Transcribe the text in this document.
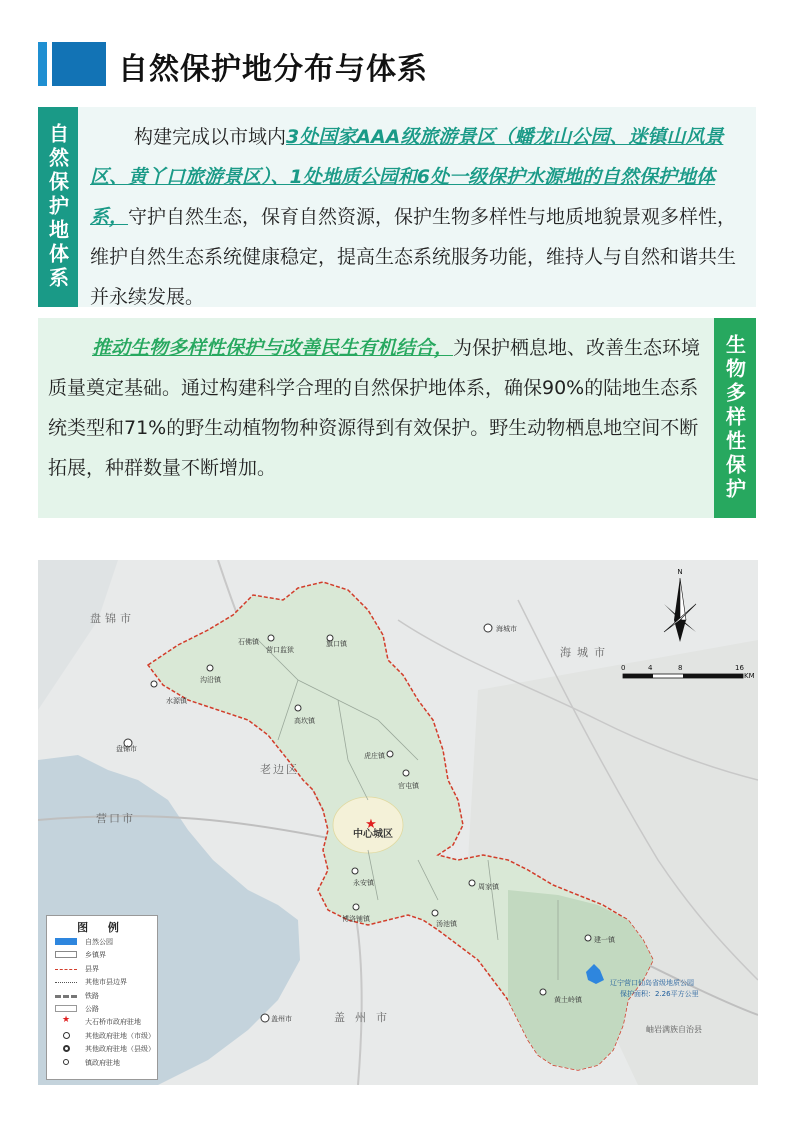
自然保护地分布与体系
自然保护地体系	构建完成以市域内3处国家AAA级旅游景区（蟠龙山公园、迷镇山风景区、黄丫口旅游景区）、1处地质公园和6处一级保护水源地的自然保护地体系，守护自然生态，保育自然资源，保护生物多样性与地质地貌景观多样性，维护自然生态系统健康稳定，提高生态系统服务功能，维持人与自然和谐共生并永续发展。
推动生物多样性保护与改善民生有机结合，为保护栖息地、改善生态环境质量奠定基础。通过构建科学合理的自然保护地体系，确保90%的陆地生态系统类型和71%的野生动植物物种资源得到有效保护。野生动物栖息地空间不断拓展，种群数量不断增加。	生物多样性保护
★
盘锦市
盘锦市
海城市
海城市
老边区
营口市
盖州市
盖州市
岫岩满族自治县
中心城区
石佛镇
营口监狱
旗口镇
沟沿镇
水源镇
高坎镇
虎庄镇
官屯镇
永安镇
博洛铺镇
汤池镇
周家镇
建一镇
黄土岭镇
辽宁营口仙岛省级地质公园
保护面积：2.26平方公里
N
0	4	8	16
KM
图 例
自然公园
乡镇界
县界
其他市县边界
铁路
公路
★	大石桥市政府驻地
其他政府驻地（市级）
其他政府驻地（县级）
镇政府驻地
